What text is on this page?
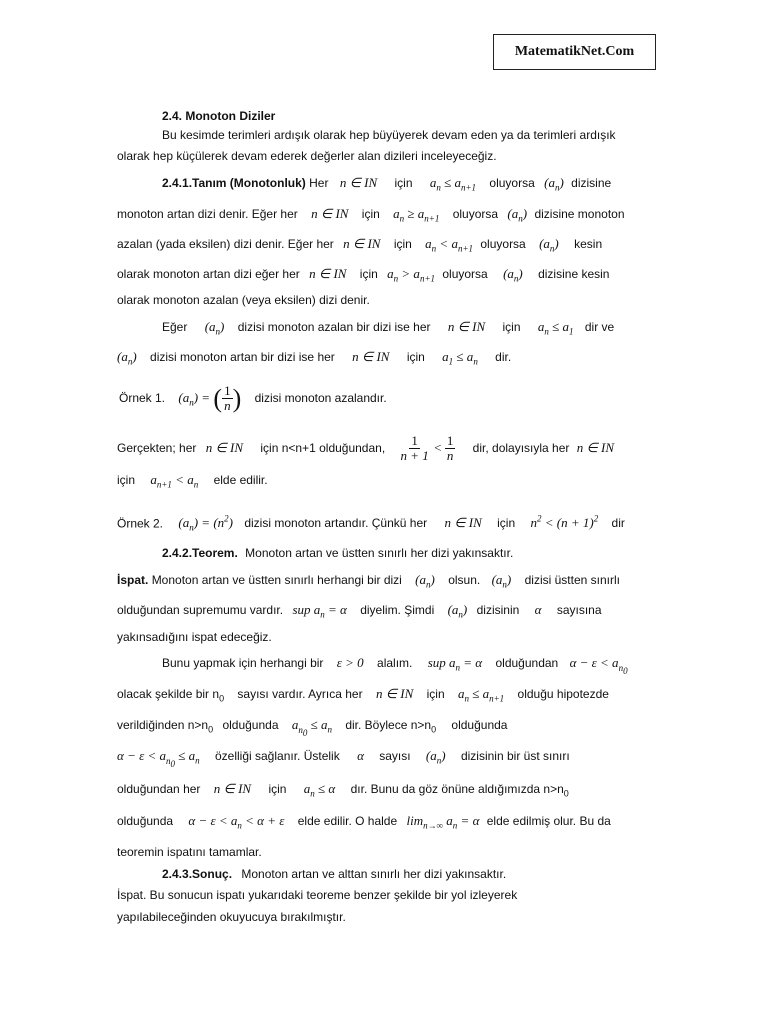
MatematikNet.Com
2.4. Monoton Diziler
Bu kesimde terimleri ardışık olarak hep büyüyerek devam eden ya da terimleri ardışık
olarak hep küçülerek devam ederek değerler alan dizileri inceleyeceğiz.
2.4.1.Tanım (Monotonluk) Her n ∈ IN için $a_n \le a_{n+1}$ oluyorsa $(a_n)$ dizisine
monoton artan dizi denir. Eğer her n ∈ IN için $a_n \ge a_{n+1}$ oluyorsa $(a_n)$ dizisine monoton
azalan (yada eksilen) dizi denir. Eğer her n ∈ IN için $a_n < a_{n+1}$ oluyorsa $(a_n)$ kesin
olarak monoton artan dizi eğer her n ∈ IN için $a_n > a_{n+1}$ oluyorsa $(a_n)$ dizisine kesin
olarak monoton azalan (veya eksilen) dizi denir.
Eğer $(a_n)$ dizisi monoton azalan bir dizi ise her n ∈ IN için $a_n \le a_1$ dir ve
$(a_n)$ dizisi monoton artan bir dizi ise her n ∈ IN için $a_1 \le a_n$ dir.
Örnek 1. $(a_n)$ = ( $\frac{1}{n}$ ) dizisi monoton azalandır.
Gerçekten; her n ∈ IN için n<n+1 olduğundan, $\frac{1}{n + 1} < \frac{1}{n}$ dir, dolayısıyla her n ∈ IN
için $a_{n+1} < a_n$ elde edilir.
Örnek 2. $(a_n) = (n^2)$ dizisi monoton artandır. Çünkü her n ∈ IN için $n^2 < (n + 1)^2$ dir
2.4.2.Teorem. Monoton artan ve üstten sınırlı her dizi yakınsaktır.
İspat. Monoton artan ve üstten sınırlı herhangi bir dizi $(a_n)$ olsun. $(a_n)$ dizisi üstten sınırlı
olduğundan supremumu vardır. sup $a_n = \alpha$ diyelim. Şimdi $(a_n)$ dizisinin α sayısına
yakınsadığını ispat edeceğiz.
Bunu yapmak için herhangi bir ε > 0 alalım. sup $a_n = \alpha$ olduğundan $\alpha - \varepsilon < a_{n_0}$
olacak şekilde bir $n_0$ sayısı vardır. Ayrıca her n ∈ IN için $a_n \le a_{n+1}$ olduğu hipotezde
verildiğinden $n>n_0$ olduğunda $a_{n_0} \le a_n$ dir. Böylece $n>n_0$ olduğunda
$\alpha - \varepsilon < a_{n_0} \le a_n$ özelliği sağlanır. Üstelik α sayısı $(a_n)$ dizisinin bir üst sınırı
olduğundan her n ∈ IN için $a_n \le \alpha$ dır. Bunu da göz önüne aldığımızda $n>n_0$
olduğunda $\alpha - \varepsilon < a_n < \alpha + \varepsilon$ elde edilir. O halde $\lim_{n\to\infty} a_n = \alpha$ elde edilmiş olur. Bu da
teoremin ispatını tamamlar.
2.4.3.Sonuç. Monoton artan ve alttan sınırlı her dizi yakınsaktır.
İspat. Bu sonucun ispatı yukarıdaki teoreme benzer şekilde bir yol izleyerek
yapılabileceğinden okuyucuya bırakılmıştır.
